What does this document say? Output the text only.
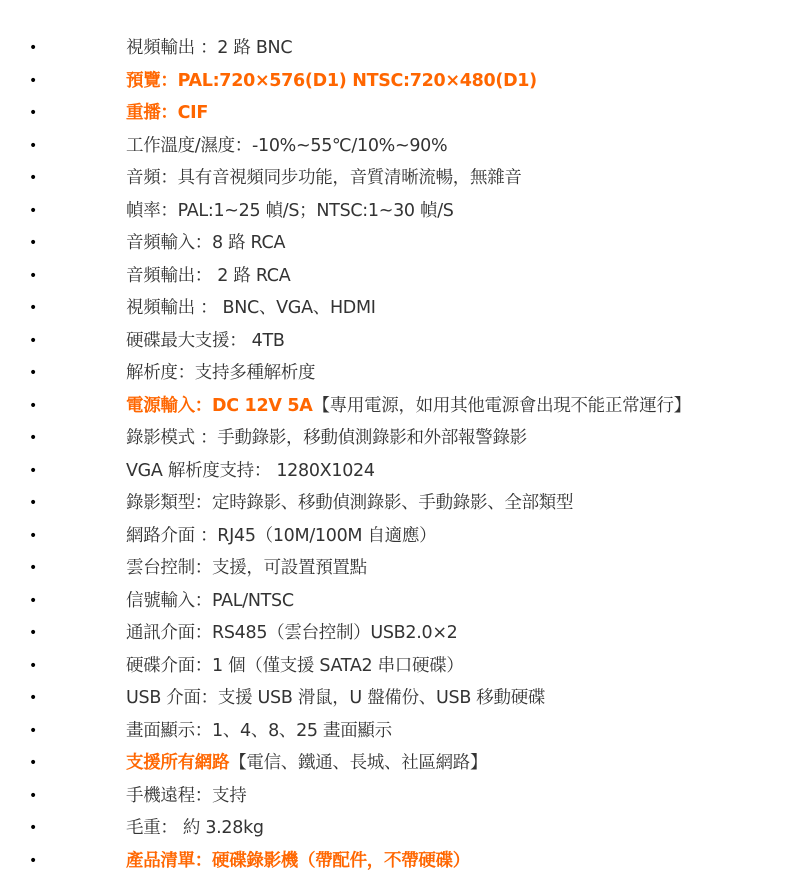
•	視頻輸出 ：2 路 BNC
•	預覽：PAL:720×576(D1) NTSC:720×480(D1)
•	重播：CIF
•	工作溫度/濕度：-10%~55℃/10%~90%
•	音頻：具有音視頻同步功能，音質清晰流暢，無雜音
•	幀率：PAL:1~25 幀/S；NTSC:1~30 幀/S
•	音頻輸入：8 路 RCA
•	音頻輸出： 2 路 RCA
•	視頻輸出 ： BNC、VGA、HDMI
•	硬碟最大支援： 4TB
•	解析度：支持多種解析度
•	電源輸入：DC 12V 5A【專用電源，如用其他電源會出現不能正常運行】
•	錄影模式 ：手動錄影，移動偵測錄影和外部報警錄影
•	VGA 解析度支持： 1280X1024
•	錄影類型：定時錄影、移動偵測錄影、手動錄影、全部類型
•	網路介面 ：RJ45（10M/100M 自適應）
•	雲台控制：支援，可設置預置點
•	信號輸入：PAL/NTSC
•	通訊介面：RS485（雲台控制）USB2.0×2
•	硬碟介面：1 個（僅支援 SATA2 串口硬碟）
•	USB 介面：支援 USB 滑鼠，U 盤備份、USB 移動硬碟
•	畫面顯示：1、4、8、25 畫面顯示
•	支援所有網路【電信、鐵通、長城、社區網路】
•	手機遠程：支持
•	毛重： 約 3.28kg
•	產品清單：硬碟錄影機（帶配件，不帶硬碟）
